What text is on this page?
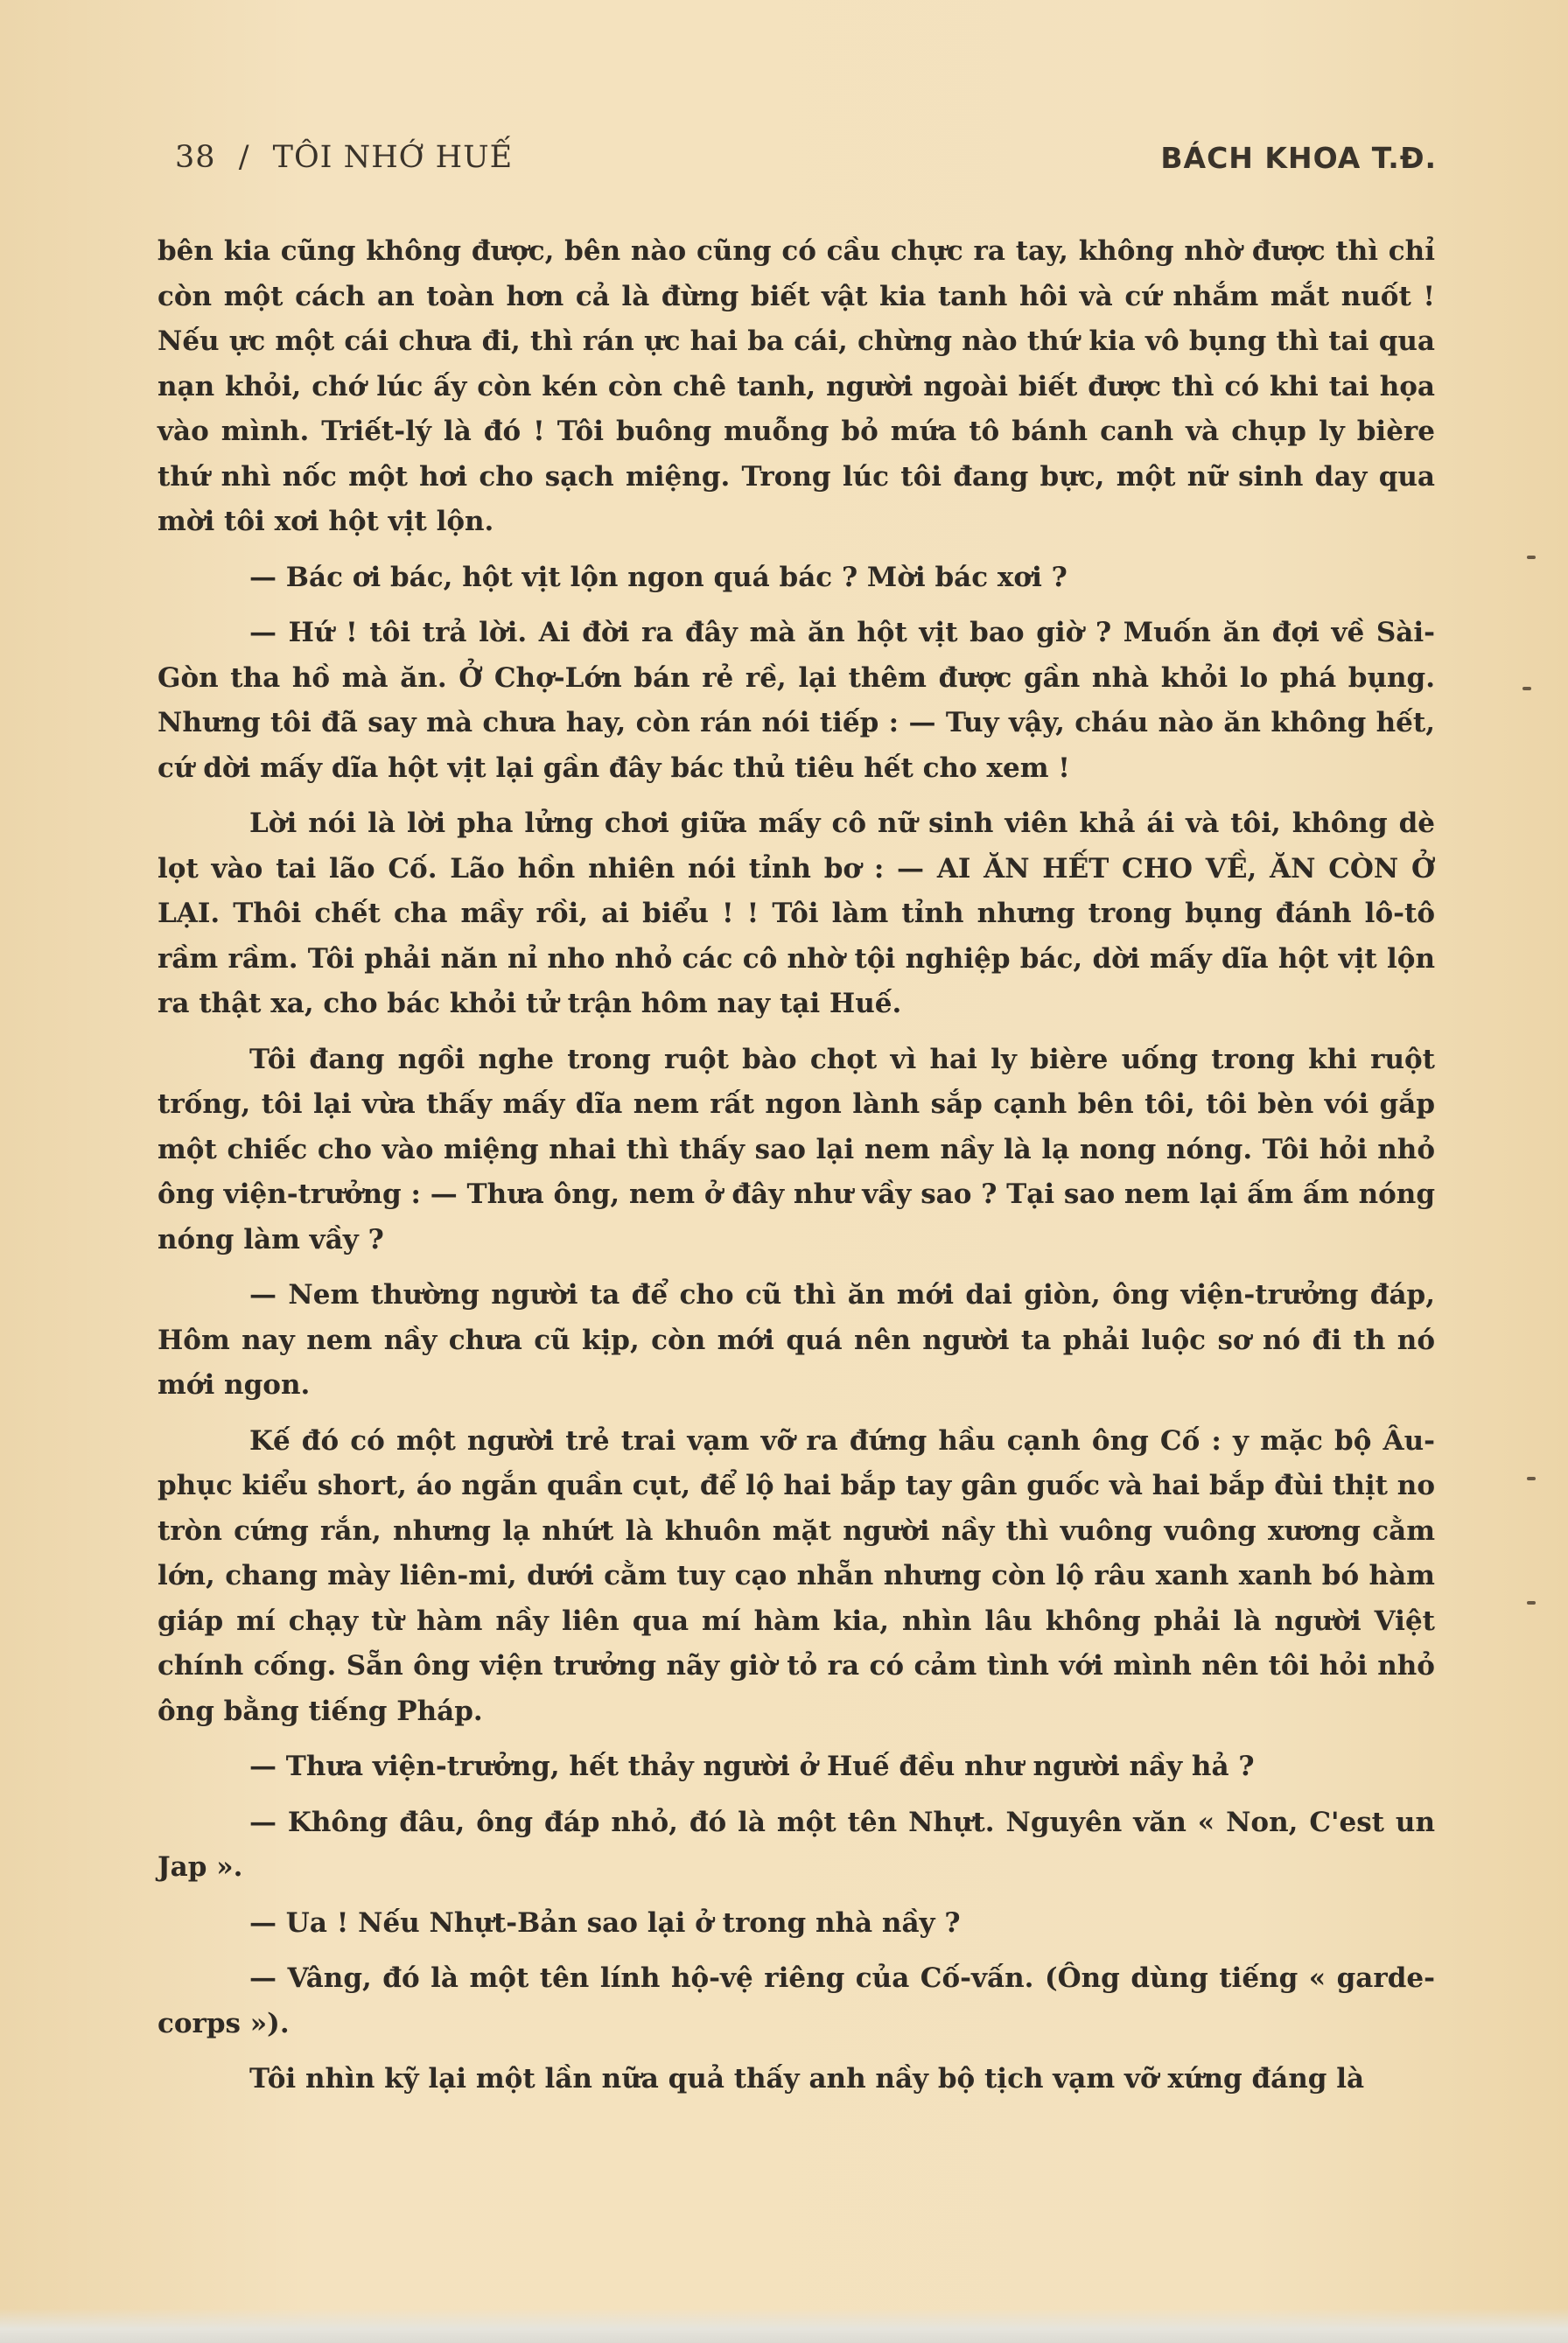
38 / TÔI NHỚ HUẾ	BÁCH KHOA T.Đ.

bên kia cũng không được, bên nào cũng có cầu chực ra tay, không nhờ được thì chỉ còn một cách an toàn hơn cả là đừng biết vật kia tanh hôi và cứ nhắm mắt nuốt ! Nếu ực một cái chưa đi, thì rán ực hai ba cái, chừng nào thứ kia vô bụng thì tai qua nạn khỏi, chớ lúc ấy còn kén còn chê tanh, người ngoài biết được thì có khi tai họa vào mình. Triết-lý là đó ! Tôi buông muỗng bỏ mứa tô bánh canh và chụp ly bière thứ nhì nốc một hơi cho sạch miệng. Trong lúc tôi đang bực, một nữ sinh day qua mời tôi xơi hột vịt lộn.

— Bác ơi bác, hột vịt lộn ngon quá bác ? Mời bác xơi ?

— Hứ ! tôi trả lời. Ai đời ra đây mà ăn hột vịt bao giờ ? Muốn ăn đợi về Sài-Gòn tha hồ mà ăn. Ở Chợ-Lớn bán rẻ rề, lại thêm được gần nhà khỏi lo phá bụng. Nhưng tôi đã say mà chưa hay, còn rán nói tiếp : — Tuy vậy, cháu nào ăn không hết, cứ dời mấy dĩa hột vịt lại gần đây bác thủ tiêu hết cho xem !

Lời nói là lời pha lửng chơi giữa mấy cô nữ sinh viên khả ái và tôi, không dè lọt vào tai lão Cố. Lão hồn nhiên nói tỉnh bơ : — AI ĂN HẾT CHO VỀ, ĂN CÒN Ở LẠI. Thôi chết cha mầy rồi, ai biểu ! ! Tôi làm tỉnh nhưng trong bụng đánh lô-tô rầm rầm. Tôi phải năn nỉ nho nhỏ các cô nhờ tội nghiệp bác, dời mấy dĩa hột vịt lộn ra thật xa, cho bác khỏi tử trận hôm nay tại Huế.

Tôi đang ngồi nghe trong ruột bào chọt vì hai ly bière uống trong khi ruột trống, tôi lại vừa thấy mấy dĩa nem rất ngon lành sắp cạnh bên tôi, tôi bèn vói gắp một chiếc cho vào miệng nhai thì thấy sao lại nem nầy là lạ nong nóng. Tôi hỏi nhỏ ông viện-trưởng : — Thưa ông, nem ở đây như vầy sao ? Tại sao nem lại ấm ấm nóng nóng làm vầy ?

— Nem thường người ta để cho cũ thì ăn mới dai giòn, ông viện-trưởng đáp, Hôm nay nem nầy chưa cũ kịp, còn mới quá nên người ta phải luộc sơ nó đi th nó mới ngon.

Kế đó có một người trẻ trai vạm vỡ ra đứng hầu cạnh ông Cố : y mặc bộ Âu-phục kiểu short, áo ngắn quần cụt, để lộ hai bắp tay gân guốc và hai bắp đùi thịt no tròn cứng rắn, nhưng lạ nhứt là khuôn mặt người nầy thì vuông vuông xương cằm lớn, chang mày liên-mi, dưới cằm tuy cạo nhẵn nhưng còn lộ râu xanh xanh bó hàm giáp mí chạy từ hàm nầy liên qua mí hàm kia, nhìn lâu không phải là người Việt chính cống. Sẵn ông viện trưởng nãy giờ tỏ ra có cảm tình với mình nên tôi hỏi nhỏ ông bằng tiếng Pháp.

— Thưa viện-trưởng, hết thảy người ở Huế đều như người nầy hả ?

— Không đâu, ông đáp nhỏ, đó là một tên Nhựt. Nguyên văn « Non, C'est un Jap ».

— Ua ! Nếu Nhựt-Bản sao lại ở trong nhà nầy ?

— Vâng, đó là một tên lính hộ-vệ riêng của Cố-vấn. (Ông dùng tiếng « garde-corps »).

Tôi nhìn kỹ lại một lần nữa quả thấy anh nầy bộ tịch vạm vỡ xứng đáng là
